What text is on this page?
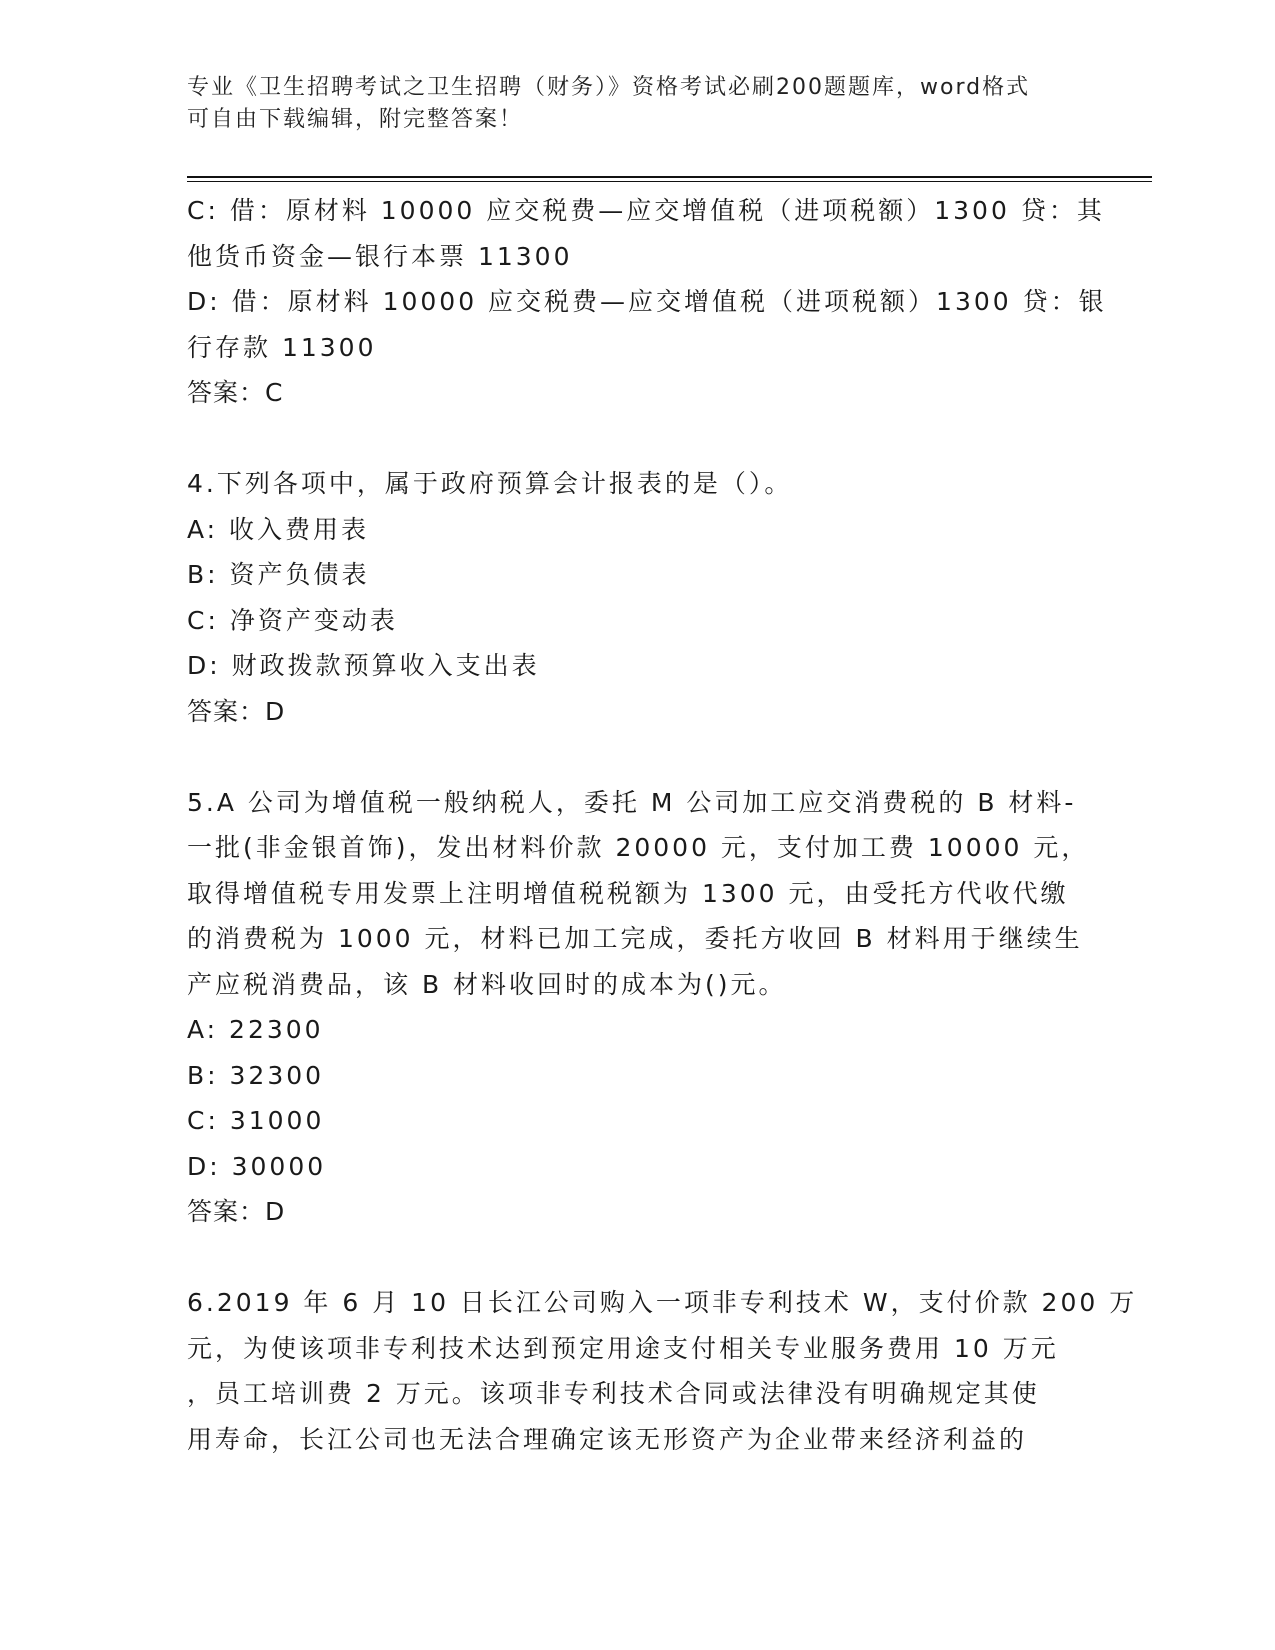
专业《卫生招聘考试之卫生招聘（财务）》资格考试必刷200题题库，word格式
可自由下载编辑，附完整答案！
C: 借：原材料 10000 应交税费—应交增值税（进项税额）1300 贷：其
他货币资金—银行本票 11300
D: 借：原材料 10000 应交税费—应交增值税（进项税额）1300 贷：银
行存款 11300
答案：C
4.下列各项中，属于政府预算会计报表的是（）。
A: 收入费用表
B: 资产负债表
C: 净资产变动表
D: 财政拨款预算收入支出表
答案：D
5.A 公司为增值税一般纳税人，委托 M 公司加工应交消费税的 B 材料-
一批(非金银首饰)，发出材料价款 20000 元，支付加工费 10000 元，
取得增值税专用发票上注明增值税税额为 1300 元，由受托方代收代缴
的消费税为 1000 元，材料已加工完成，委托方收回 B 材料用于继续生
产应税消费品，该 B 材料收回时的成本为()元。
A: 22300
B: 32300
C: 31000
D: 30000
答案：D
6.2019 年 6 月 10 日长江公司购入一项非专利技术 W，支付价款 200 万
元，为使该项非专利技术达到预定用途支付相关专业服务费用 10 万元
，员工培训费 2 万元。该项非专利技术合同或法律没有明确规定其使
用寿命，长江公司也无法合理确定该无形资产为企业带来经济利益的
